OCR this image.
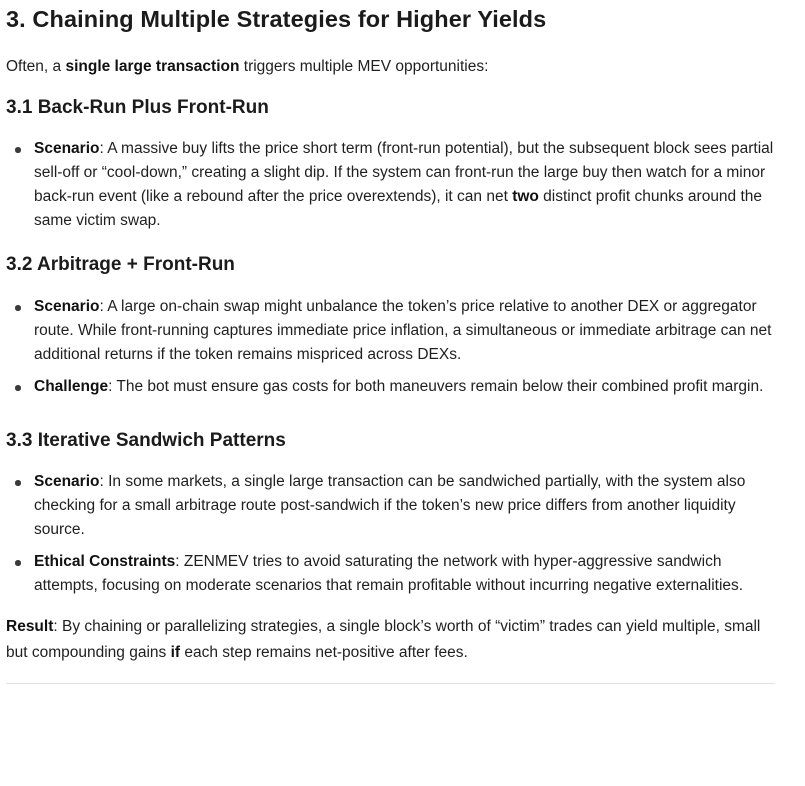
3. Chaining Multiple Strategies for Higher Yields

Often, a single large transaction triggers multiple MEV opportunities:

3.1 Back-Run Plus Front-Run
Scenario: A massive buy lifts the price short term (front-run potential), but the subsequent block sees partial sell-off or “cool-down,” creating a slight dip. If the system can front-run the large buy then watch for a minor back-run event (like a rebound after the price overextends), it can net two distinct profit chunks around the same victim swap.
3.2 Arbitrage + Front-Run
Scenario: A large on-chain swap might unbalance the token’s price relative to another DEX or aggregator route. While front-running captures immediate price inflation, a simultaneous or immediate arbitrage can net additional returns if the token remains mispriced across DEXs.
Challenge: The bot must ensure gas costs for both maneuvers remain below their combined profit margin.
3.3 Iterative Sandwich Patterns
Scenario: In some markets, a single large transaction can be sandwiched partially, with the system also checking for a small arbitrage route post-sandwich if the token’s new price differs from another liquidity source.
Ethical Constraints: ZENMEV tries to avoid saturating the network with hyper-aggressive sandwich attempts, focusing on moderate scenarios that remain profitable without incurring negative externalities.

Result: By chaining or parallelizing strategies, a single block’s worth of “victim” trades can yield multiple, small but compounding gains if each step remains net-positive after fees.
